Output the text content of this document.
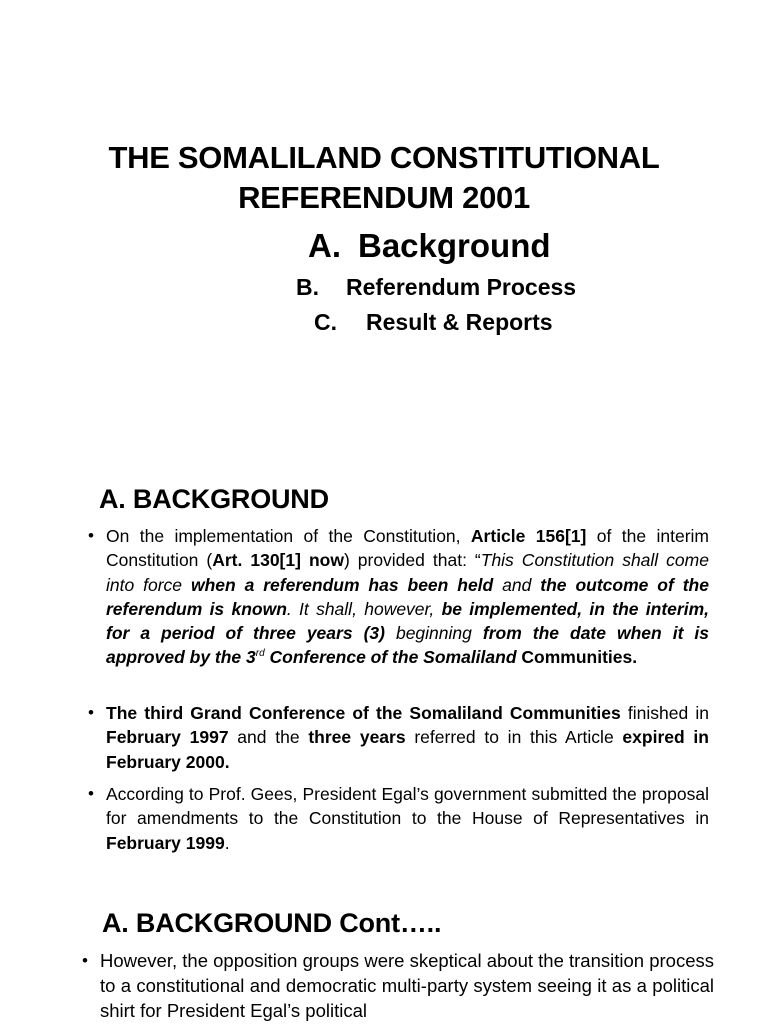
THE SOMALILAND CONSTITUTIONAL
REFERENDUM 2001
A. Background
B. Referendum Process
C. Result & Reports
A. BACKGROUND
• On the implementation of the Constitution, Article 156[1] of the interim Constitution (Art. 130[1] now) provided that: “This Constitution shall come into force when a referendum has been held and the outcome of the referendum is known. It shall, however, be implemented, in the interim, for a period of three years (3) beginning from the date when it is approved by the 3rd Conference of the Somaliland Communities.
• The third Grand Conference of the Somaliland Communities finished in February 1997 and the three years referred to in this Article expired in February 2000.
• According to Prof. Gees, President Egal’s government submitted the proposal for amendments to the Constitution to the House of Representatives in February 1999.
A. BACKGROUND Cont…..
• However, the opposition groups were skeptical about the transition process to a constitutional and democratic multi-party system seeing it as a political shirt for President Egal’s political
